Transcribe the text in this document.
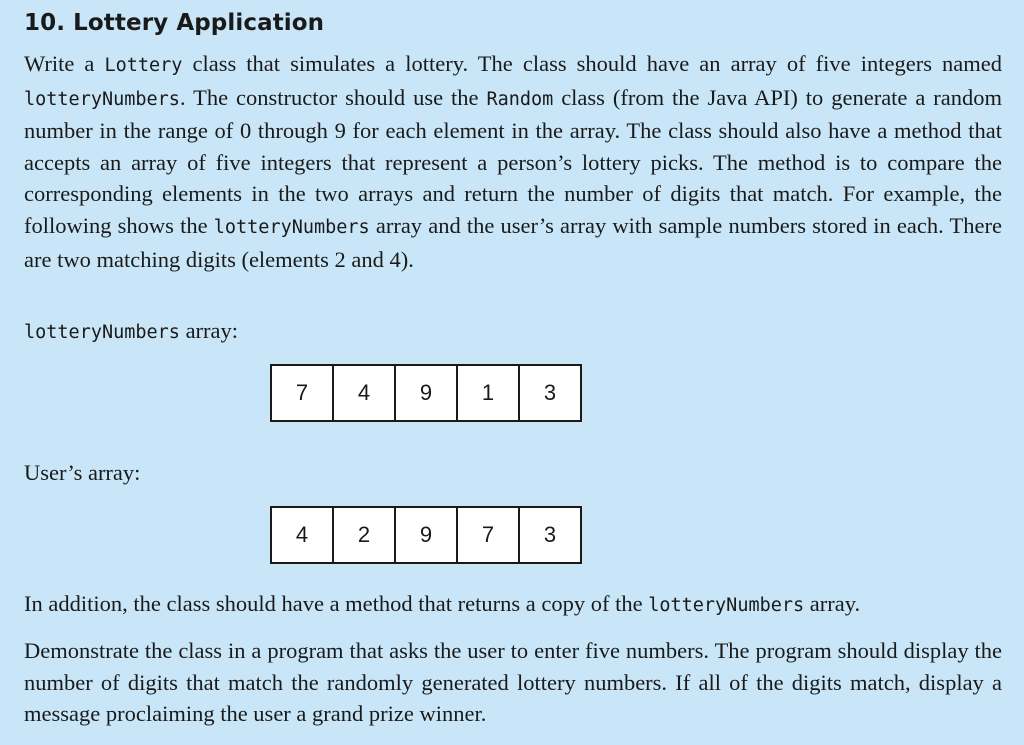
10. Lottery Application

Write a Lottery class that simulates a lottery. The class should have an array of five integers named lotteryNumbers. The constructor should use the Random class (from the Java API) to generate a random number in the range of 0 through 9 for each element in the array. The class should also have a method that accepts an array of five integers that represent a person’s lottery picks. The method is to compare the corresponding elements in the two arrays and return the number of digits that match. For example, the following shows the lotteryNumbers array and the user’s array with sample numbers stored in each. There are two matching digits (elements 2 and 4).

lotteryNumbers array:

7	4	9	1	3

User’s array:

4	2	9	7	3

In addition, the class should have a method that returns a copy of the lotteryNumbers array.

Demonstrate the class in a program that asks the user to enter five numbers. The program should display the number of digits that match the randomly generated lottery numbers. If all of the digits match, display a message proclaiming the user a grand prize winner.
